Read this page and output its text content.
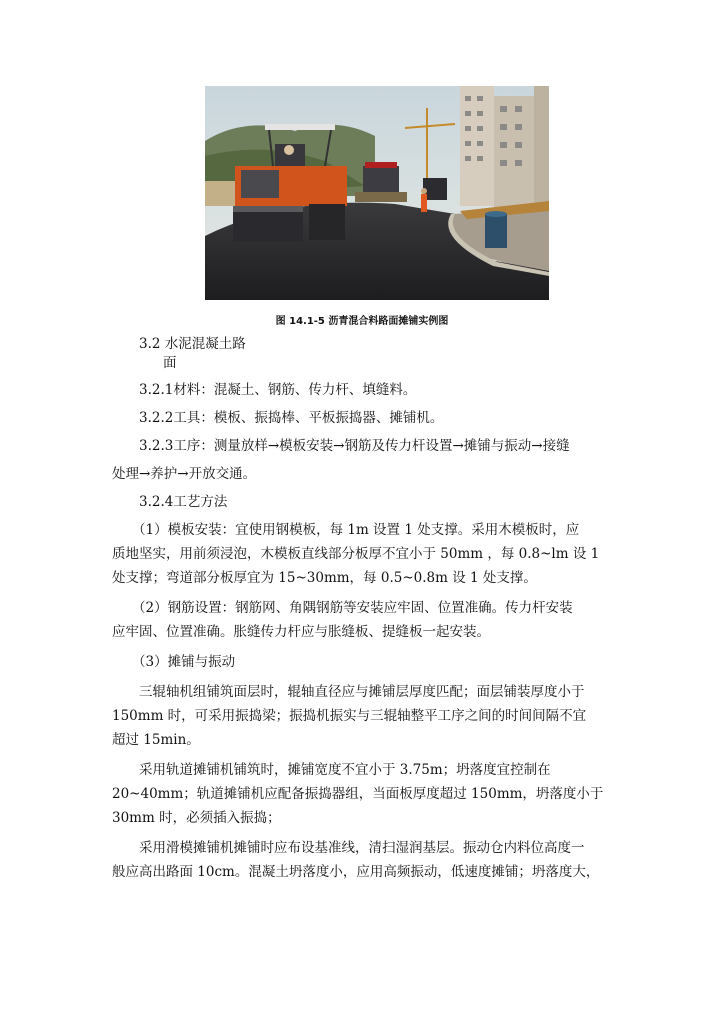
图 14.1-5 沥青混合料路面摊铺实例图

3.2 水泥混凝土路

面

3.2.1材料：混凝土、钢筋、传力杆、填缝料。

3.2.2工具：模板、振捣棒、平板振捣器、摊铺机。

3.2.3工序：测量放样→模板安装→钢筋及传力杆设置→摊铺与振动→接缝

处理→养护→开放交通。

3.2.4工艺方法

（1）模板安装：宜使用钢模板，每 1m 设置 1 处支撑。采用木模板时，应

质地坚实，用前须浸泡，木模板直线部分板厚不宜小于 50mm ，每 0.8~lm 设 1

处支撑；弯道部分板厚宜为 15~30mm，每 0.5~0.8m 设 1 处支撑。

（2）钢筋设置：钢筋网、角隅钢筋等安装应牢固、位置准确。传力杆安装

应牢固、位置准确。胀缝传力杆应与胀缝板、提缝板一起安装。

（3）摊铺与振动

三辊轴机组铺筑面层时，辊轴直径应与摊铺层厚度匹配；面层铺装厚度小于

150mm 时，可采用振捣梁；振捣机振实与三辊轴整平工序之间的时间间隔不宜

超过 15min。

采用轨道摊铺机铺筑时，摊铺宽度不宜小于 3.75m；坍落度宜控制在

20~40mm；轨道摊铺机应配备振捣器组，当面板厚度超过 150mm，坍落度小于

30mm 时，必须插入振捣；

采用滑模摊铺机摊铺时应布设基准线，清扫湿润基层。振动仓内料位高度一

般应高出路面 10cm。混凝土坍落度小，应用高频振动，低速度摊铺；坍落度大，
